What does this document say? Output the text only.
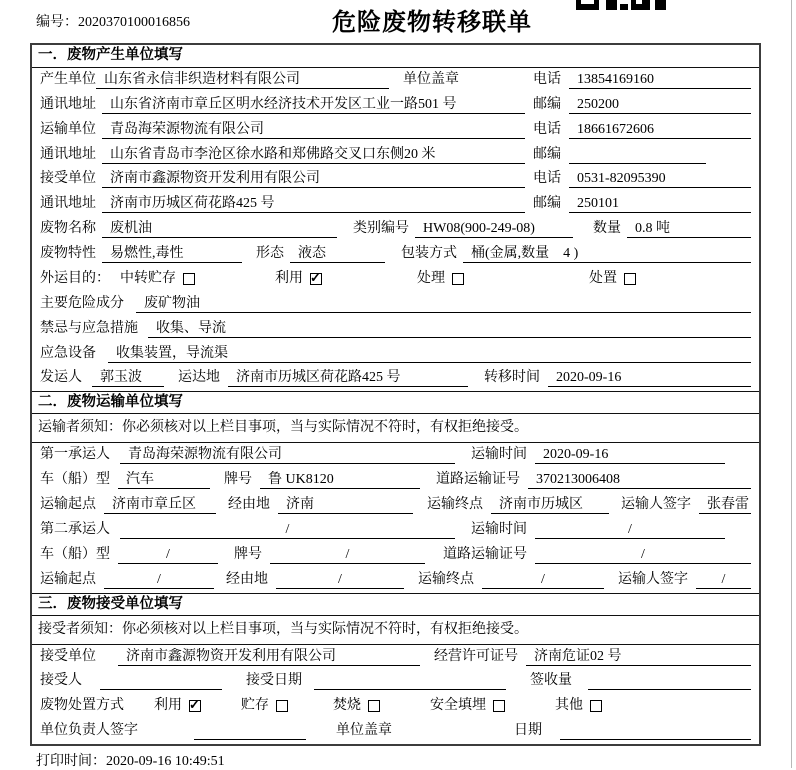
编号：2020370100016856	危险废物转移联单
一．废物产生单位填写
产生单位 山东省永信非织造材料有限公司	单位盖章	电话	13854169160
通讯地址	山东省济南市章丘区明水经济技术开发区工业一路501 号	邮编	250200
运输单位	青岛海荣源物流有限公司	电话	18661672606
通讯地址	山东省青岛市李沧区徐水路和郑佛路交叉口东侧20 米	邮编
接受单位	济南市鑫源物资开发利用有限公司	电话	0531-82095390
通讯地址	济南市历城区荷花路425 号	邮编	250101
废物名称	废机油	类别编号	HW08(900-249-08)	数量	0.8 吨
废物特性	易燃性,毒性	形态	液态	包装方式	桶(金属,数量　4 )
外运目的： 中转贮存	利用 ✓	处理	处置
主要危险成分	废矿物油
禁忌与应急措施	收集、导流
应急设备	收集装置，导流渠
发运人	郭玉波	运达地	济南市历城区荷花路425 号	转移时间	2020-09-16
二．废物运输单位填写
运输者须知：你必须核对以上栏目事项，当与实际情况不符时，有权拒绝接受。
第一承运人	青岛海荣源物流有限公司	运输时间	2020-09-16
车（船）型	汽车	牌号	鲁 UK8120	道路运输证号	370213006408
运输起点	济南市章丘区	经由地	济南	运输终点	济南市历城区	运输人签字	张春雷
第二承运人	/	运输时间	/
车（船）型	/	牌号	/	道路运输证号	/
运输起点	/	经由地	/	运输终点	/	运输人签字	/
三．废物接受单位填写
接受者须知：你必须核对以上栏目事项，当与实际情况不符时，有权拒绝接受。
接受单位	济南市鑫源物资开发利用有限公司	经营许可证号	济南危证02 号
接受人	接受日期	签收量
废物处置方式 利用 ✓	贮存	焚烧	安全填埋	其他
单位负责人签字	单位盖章	日期
打印时间：2020-09-16 10:49:51
